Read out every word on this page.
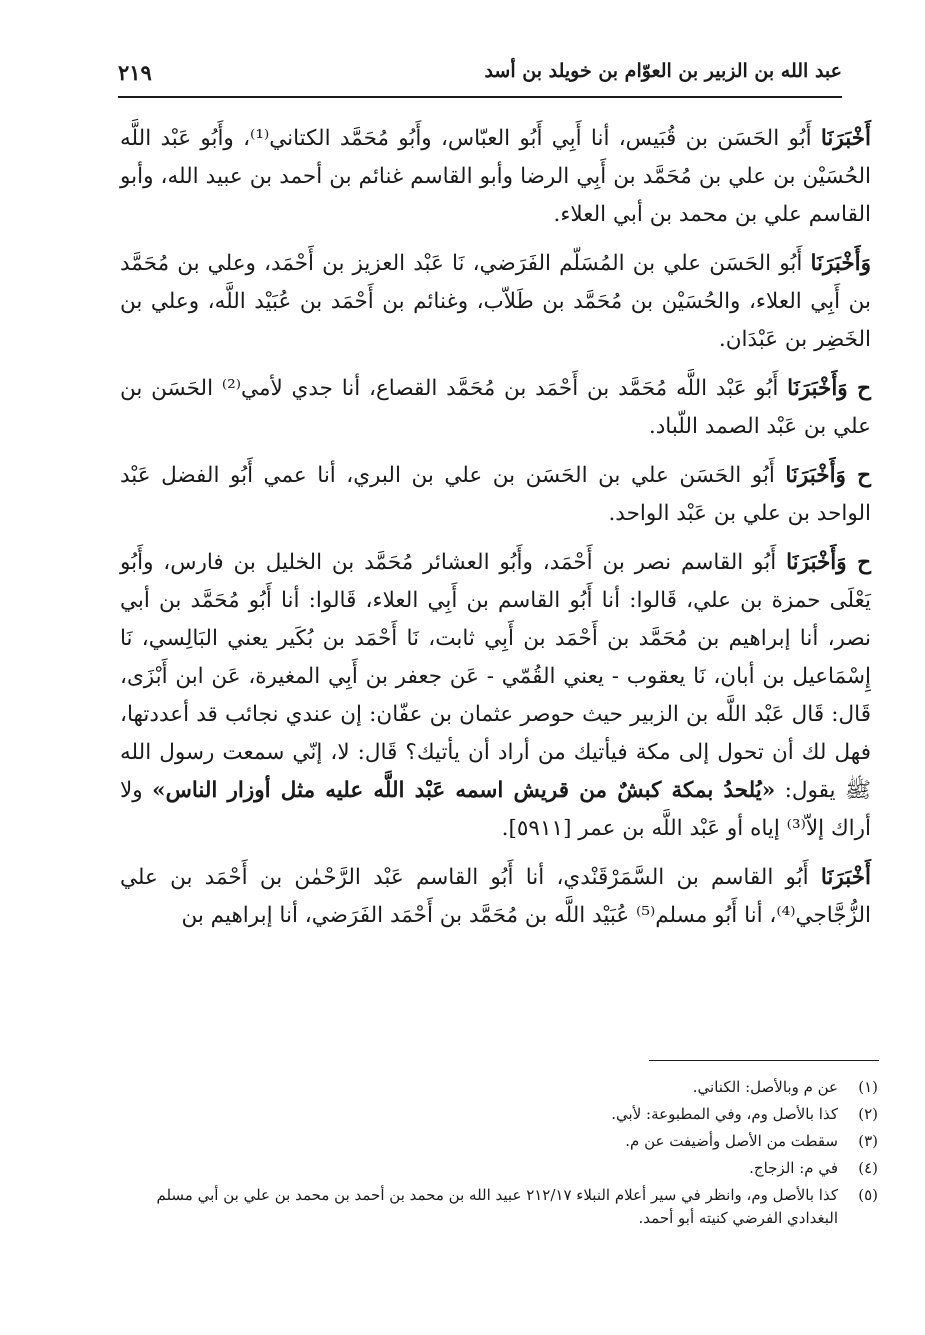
عبد الله بن الزبير بن العوّام بن خويلد بن أسد
٢١٩

أَخْبَرَنَا أَبُو الحَسَن بن قُبَيس، أنا أَبِي أَبُو العبّاس، وأَبُو مُحَمَّد الكتاني⁽¹⁾، وأَبُو عَبْد اللَّه الحُسَيْن بن علي بن مُحَمَّد بن أَبِي الرضا وأبو القاسم غنائم بن أحمد بن عبيد الله، وأبو القاسم علي بن محمد بن أبي العلاء.

وَأَخْبَرَنَا أَبُو الحَسَن علي بن المُسَلّم الفَرَضي، نَا عَبْد العزيز بن أَحْمَد، وعلي بن مُحَمَّد بن أَبِي العلاء، والحُسَيْن بن مُحَمَّد بن طَلاّب، وغنائم بن أَحْمَد بن عُبَيْد اللَّه، وعلي بن الخَضِر بن عَبْدَان.

ح وَأَخْبَرَنَا أَبُو عَبْد اللَّه مُحَمَّد بن أَحْمَد بن مُحَمَّد القصاع، أنا جدي لأمي⁽²⁾ الحَسَن بن علي بن عَبْد الصمد اللّباد.

ح وَأَخْبَرَنَا أَبُو الحَسَن علي بن الحَسَن بن علي بن البري، أنا عمي أَبُو الفضل عَبْد الواحد بن علي بن عَبْد الواحد.

ح وَأَخْبَرَنَا أَبُو القاسم نصر بن أَحْمَد، وأَبُو العشائر مُحَمَّد بن الخليل بن فارس، وأَبُو يَعْلَى حمزة بن علي، قَالوا: أنا أَبُو القاسم بن أَبِي العلاء، قَالوا: أنا أَبُو مُحَمَّد بن أبي نصر، أنا إبراهيم بن مُحَمَّد بن أَحْمَد بن أَبِي ثابت، نَا أَحْمَد بن بُكَير يعني البَالِسي، نَا إِسْمَاعيل بن أبان، نَا يعقوب - يعني القُمّي - عَن جعفر بن أَبِي المغيرة، عَن ابن أَبْزَى، قَال: قَال عَبْد اللَّه بن الزبير حيث حوصر عثمان بن عفّان: إن عندي نجائب قد أعددتها، فهل لك أن تحول إلى مكة فيأتيك من أراد أن يأتيك؟ قَال: لا، إنّي سمعت رسول الله ﷺ يقول: «يُلحدُ بمكة كبشٌ من قريش اسمه عَبْد اللَّه عليه مثل أوزار الناس» ولا أراك إلاّ⁽³⁾ إياه أو عَبْد اللَّه بن عمر [٥٩١١].

أَخْبَرَنَا أَبُو القاسم بن السَّمَرْقَنْدي، أنا أَبُو القاسم عَبْد الرَّحْمٰن بن أَحْمَد بن علي الزُّجَّاجي⁽⁴⁾، أنا أَبُو مسلم⁽⁵⁾ عُبَيْد اللَّه بن مُحَمَّد بن أَحْمَد الفَرَضي، أنا إبراهيم بن

(١)
عن م وبالأصل: الكناني.
(٢)
كذا بالأصل وم، وفي المطبوعة: لأبي.
(٣)
سقطت من الأصل وأضيفت عن م.
(٤)
في م: الزجاج.
(٥)
كذا بالأصل وم، وانظر في سير أعلام النبلاء ٢١٢/١٧ عبيد الله بن محمد بن أحمد بن محمد بن علي بن أبي مسلم البغدادي الفرضي كنيته أبو أحمد.
